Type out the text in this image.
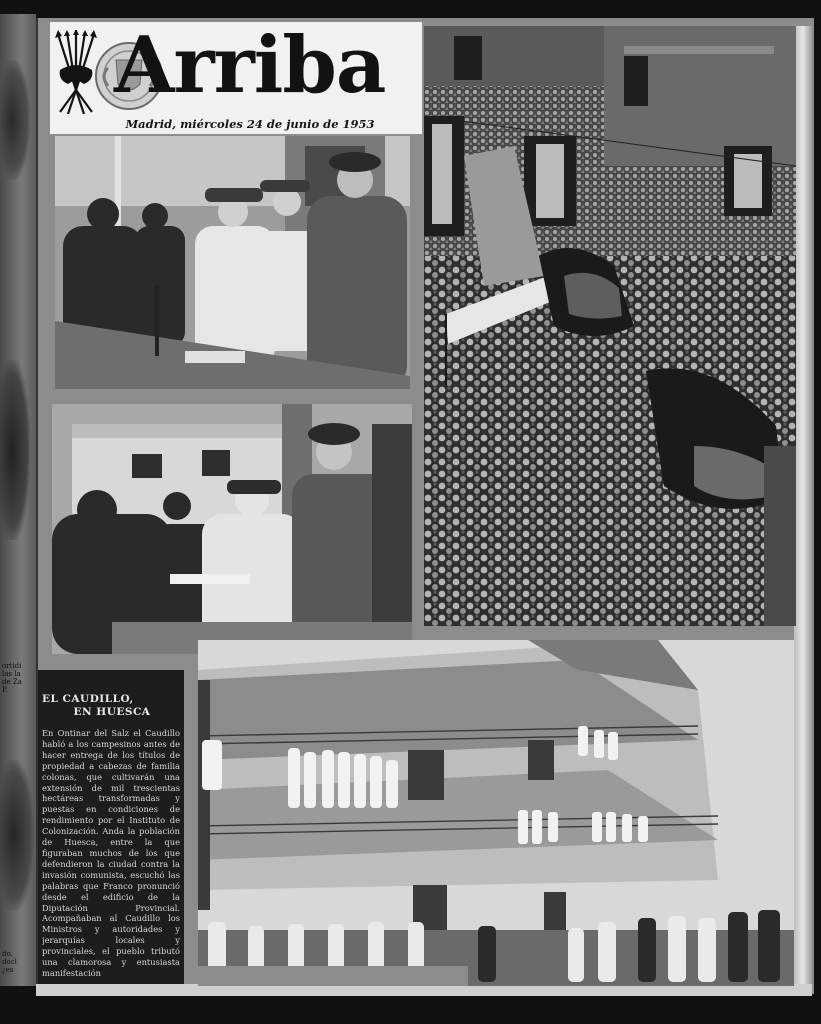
ortidi
las la
de Za
P.
do,
docl
¿es
Arriba
Madrid, miércoles 24 de junio de 1953
EL CAUDILLO,
EN HUESCA
En Ontinar del Salz el Caudillo habló a los campesinos antes de hacer entrega de los títulos de propiedad a cabezas de familia colonas, que cultivarán una extensión de mil trescientas hectáreas transformadas y puestas en condiciones de rendimiento por el Instituto de Colonización. Anda la población de Huesca, entre la que figuraban muchos de los que defendieron la ciudad contra la invasión comunista, escuchó las palabras que Franco pronunció desde el edificio de la Diputación Provincial. Acompañaban al Caudillo los Ministros y autoridades y jerarquías locales y provinciales, el pueblo tributó una clamorosa y entusiasta manifestación
